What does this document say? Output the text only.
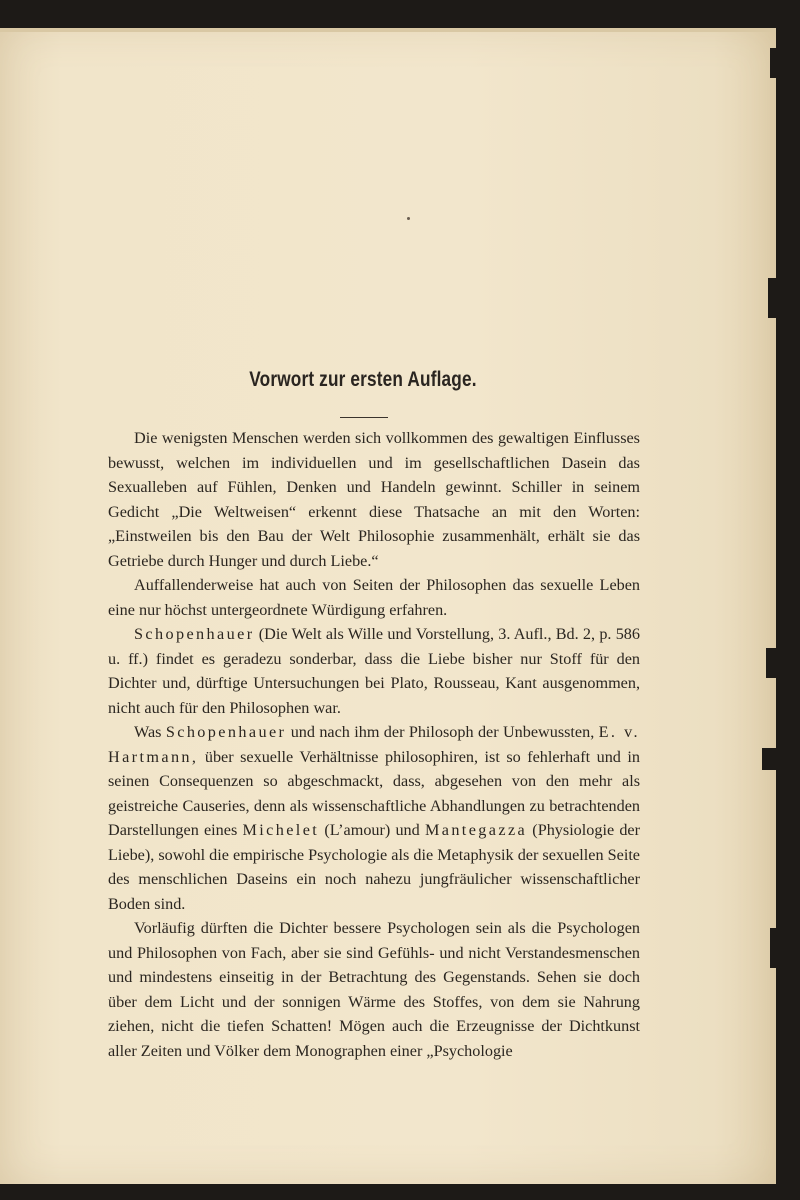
Vorwort zur ersten Auflage.

Die wenigsten Menschen werden sich vollkommen des gewaltigen Einflusses bewusst, welchen im individuellen und im gesellschaftlichen Dasein das Sexualleben auf Fühlen, Denken und Handeln gewinnt. Schiller in seinem Gedicht „Die Weltweisen“ erkennt diese Thatsache an mit den Worten: „Einstweilen bis den Bau der Welt Philosophie zusammenhält, erhält sie das Getriebe durch Hunger und durch Liebe.“

Auffallenderweise hat auch von Seiten der Philosophen das sexuelle Leben eine nur höchst untergeordnete Würdigung erfahren.

Schopenhauer (Die Welt als Wille und Vorstellung, 3. Aufl., Bd. 2, p. 586 u. ff.) findet es geradezu sonderbar, dass die Liebe bisher nur Stoff für den Dichter und, dürftige Untersuchungen bei Plato, Rousseau, Kant ausgenommen, nicht auch für den Philosophen war.

Was Schopenhauer und nach ihm der Philosoph der Unbewussten, E. v. Hartmann, über sexuelle Verhältnisse philosophiren, ist so fehlerhaft und in seinen Consequenzen so abgeschmackt, dass, abgesehen von den mehr als geistreiche Causeries, denn als wissenschaftliche Abhandlungen zu betrachtenden Darstellungen eines Michelet (L’amour) und Mantegazza (Physiologie der Liebe), sowohl die empirische Psychologie als die Metaphysik der sexuellen Seite des menschlichen Daseins ein noch nahezu jungfräulicher wissenschaftlicher Boden sind.

Vorläufig dürften die Dichter bessere Psychologen sein als die Psychologen und Philosophen von Fach, aber sie sind Gefühls- und nicht Verstandesmenschen und mindestens einseitig in der Betrachtung des Gegenstands. Sehen sie doch über dem Licht und der sonnigen Wärme des Stoffes, von dem sie Nahrung ziehen, nicht die tiefen Schatten! Mögen auch die Erzeugnisse der Dichtkunst aller Zeiten und Völker dem Monographen einer „Psychologie
